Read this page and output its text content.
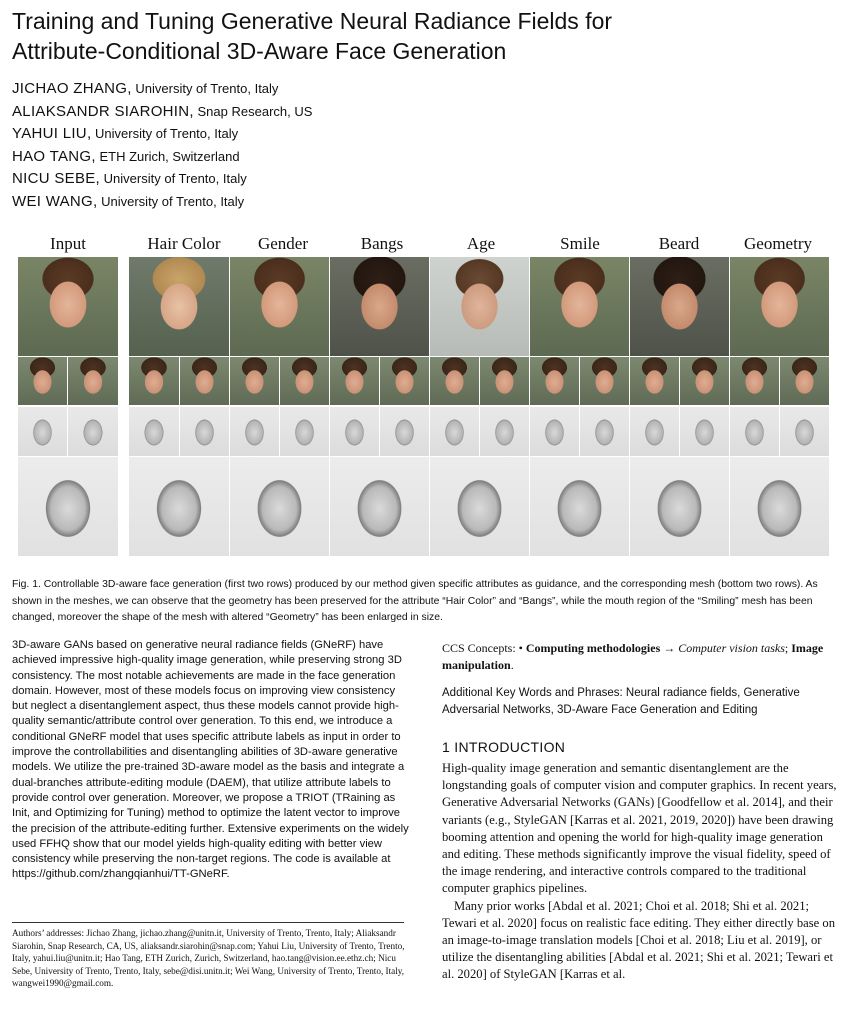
Training and Tuning Generative Neural Radiance Fields for
Attribute-Conditional 3D-Aware Face Generation
JICHAO ZHANG, University of Trento, Italy
ALIAKSANDR SIAROHIN, Snap Research, US
YAHUI LIU, University of Trento, Italy
HAO TANG, ETH Zurich, Switzerland
NICU SEBE, University of Trento, Italy
WEI WANG, University of Trento, Italy
Input	Hair Color	Gender	Bangs	Age	Smile	Beard	Geometry
Fig. 1. Controllable 3D-aware face generation (first two rows) produced by our method given specific attributes as guidance, and the corresponding mesh (bottom two rows). As shown in the meshes, we can observe that the geometry has been preserved for the attribute “Hair Color” and “Bangs”, while the mouth region of the “Smiling” mesh has been changed, moreover the shape of the mesh with altered “Geometry” has been enlarged in size.
3D-aware GANs based on generative neural radiance fields (GNeRF) have achieved impressive high-quality image generation, while preserving strong 3D consistency. The most notable achievements are made in the face generation domain. However, most of these models focus on improving view consistency but neglect a disentanglement aspect, thus these models cannot provide high-quality semantic/attribute control over generation. To this end, we introduce a conditional GNeRF model that uses specific attribute labels as input in order to improve the controllabilities and disentangling abilities of 3D-aware generative models. We utilize the pre-trained 3D-aware model as the basis and integrate a dual-branches attribute-editing module (DAEM), that utilize attribute labels to provide control over generation. Moreover, we propose a TRIOT (TRaining as Init, and Optimizing for Tuning) method to optimize the latent vector to improve the precision of the attribute-editing further. Extensive experiments on the widely used FFHQ show that our model yields high-quality editing with better view consistency while preserving the non-target regions. The code is available at https://github.com/zhangqianhui/TT-GNeRF.
Authors’ addresses: Jichao Zhang, jichao.zhang@unitn.it, University of Trento, Trento, Italy; Aliaksandr Siarohin, Snap Research, CA, US, aliaksandr.siarohin@snap.com; Yahui Liu, University of Trento, Trento, Italy, yahui.liu@unitn.it; Hao Tang, ETH Zurich, Zurich, Switzerland, hao.tang@vision.ee.ethz.ch; Nicu Sebe, University of Trento, Trento, Italy, sebe@disi.unitn.it; Wei Wang, University of Trento, Trento, Italy, wangwei1990@gmail.com.
CCS Concepts: • Computing methodologies → Computer vision tasks; Image manipulation.
Additional Key Words and Phrases: Neural radiance fields, Generative Adversarial Networks, 3D-Aware Face Generation and Editing
1 INTRODUCTION

High-quality image generation and semantic disentanglement are the longstanding goals of computer vision and computer graphics. In recent years, Generative Adversarial Networks (GANs) [Goodfellow et al. 2014], and their variants (e.g., StyleGAN [Karras et al. 2021, 2019, 2020]) have been drawing booming attention and opening the world for high-quality image generation and editing. These methods significantly improve the visual fidelity, speed of the image rendering, and interactive controls compared to the traditional computer graphics pipelines.

Many prior works [Abdal et al. 2021; Choi et al. 2018; Shi et al. 2021; Tewari et al. 2020] focus on realistic face editing. They either directly base on an image-to-image translation models [Choi et al. 2018; Liu et al. 2019], or utilize the disentangling abilities [Abdal et al. 2021; Shi et al. 2021; Tewari et al. 2020] of StyleGAN [Karras et al.
